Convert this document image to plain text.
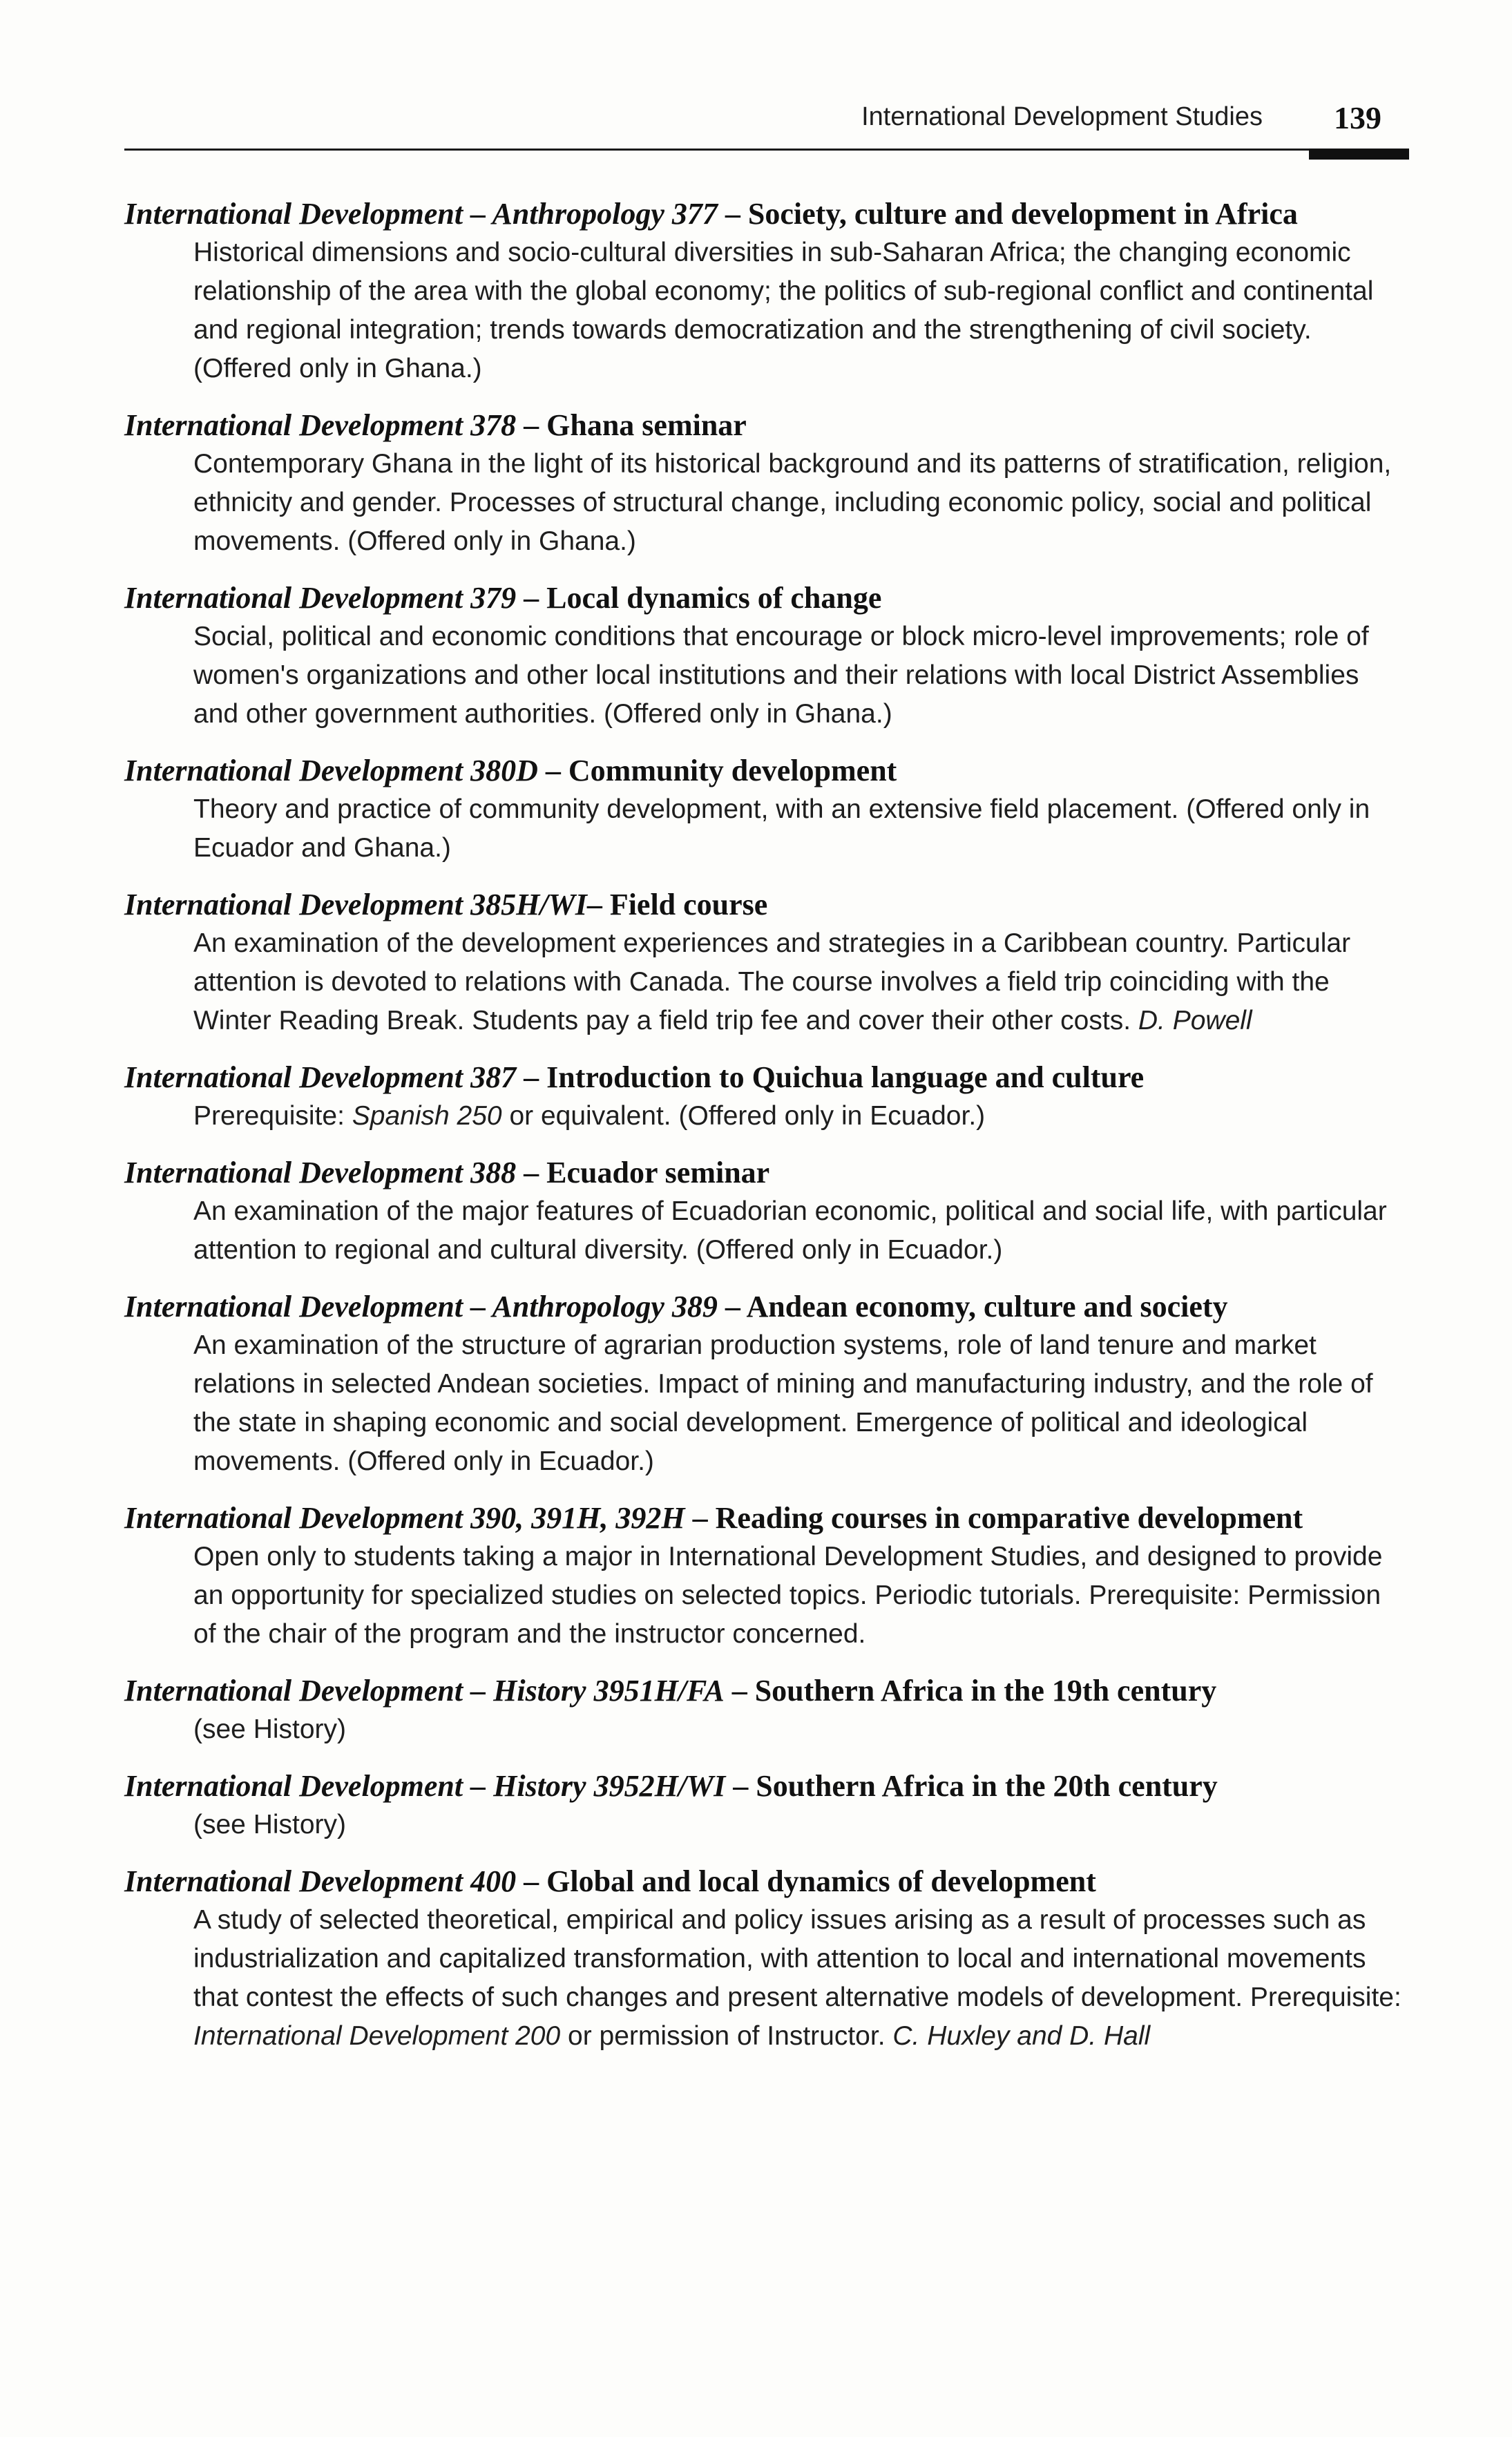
International Development Studies 139
International Development – Anthropology 377 – Society, culture and development in Africa
Historical dimensions and socio-cultural diversities in sub-Saharan Africa; the changing economic relationship of the area with the global economy; the politics of sub-regional conflict and continental and regional integration; trends towards democratization and the strengthening of civil society. (Offered only in Ghana.)
International Development 378 – Ghana seminar
Contemporary Ghana in the light of its historical background and its patterns of stratification, religion, ethnicity and gender. Processes of structural change, including economic policy, social and political movements. (Offered only in Ghana.)
International Development 379 – Local dynamics of change
Social, political and economic conditions that encourage or block micro-level improvements; role of women's organizations and other local institutions and their relations with local District Assemblies and other government authorities. (Offered only in Ghana.)
International Development 380D – Community development
Theory and practice of community development, with an extensive field placement. (Offered only in Ecuador and Ghana.)
International Development 385H/WI– Field course
An examination of the development experiences and strategies in a Caribbean country. Particular attention is devoted to relations with Canada. The course involves a field trip coinciding with the Winter Reading Break. Students pay a field trip fee and cover their other costs. D. Powell
International Development 387 – Introduction to Quichua language and culture
Prerequisite: Spanish 250 or equivalent. (Offered only in Ecuador.)
International Development 388 – Ecuador seminar
An examination of the major features of Ecuadorian economic, political and social life, with particular attention to regional and cultural diversity. (Offered only in Ecuador.)
International Development – Anthropology 389 – Andean economy, culture and society
An examination of the structure of agrarian production systems, role of land tenure and market relations in selected Andean societies. Impact of mining and manufacturing industry, and the role of the state in shaping economic and social development. Emergence of political and ideological movements. (Offered only in Ecuador.)
International Development 390, 391H, 392H – Reading courses in comparative development
Open only to students taking a major in International Development Studies, and designed to provide an opportunity for specialized studies on selected topics. Periodic tutorials. Prerequisite: Permission of the chair of the program and the instructor concerned.
International Development – History 3951H/FA – Southern Africa in the 19th century
(see History)
International Development – History 3952H/WI – Southern Africa in the 20th century
(see History)
International Development 400 – Global and local dynamics of development
A study of selected theoretical, empirical and policy issues arising as a result of processes such as industrialization and capitalized transformation, with attention to local and international movements that contest the effects of such changes and present alternative models of development. Prerequisite: International Development 200 or permission of Instructor. C. Huxley and D. Hall
